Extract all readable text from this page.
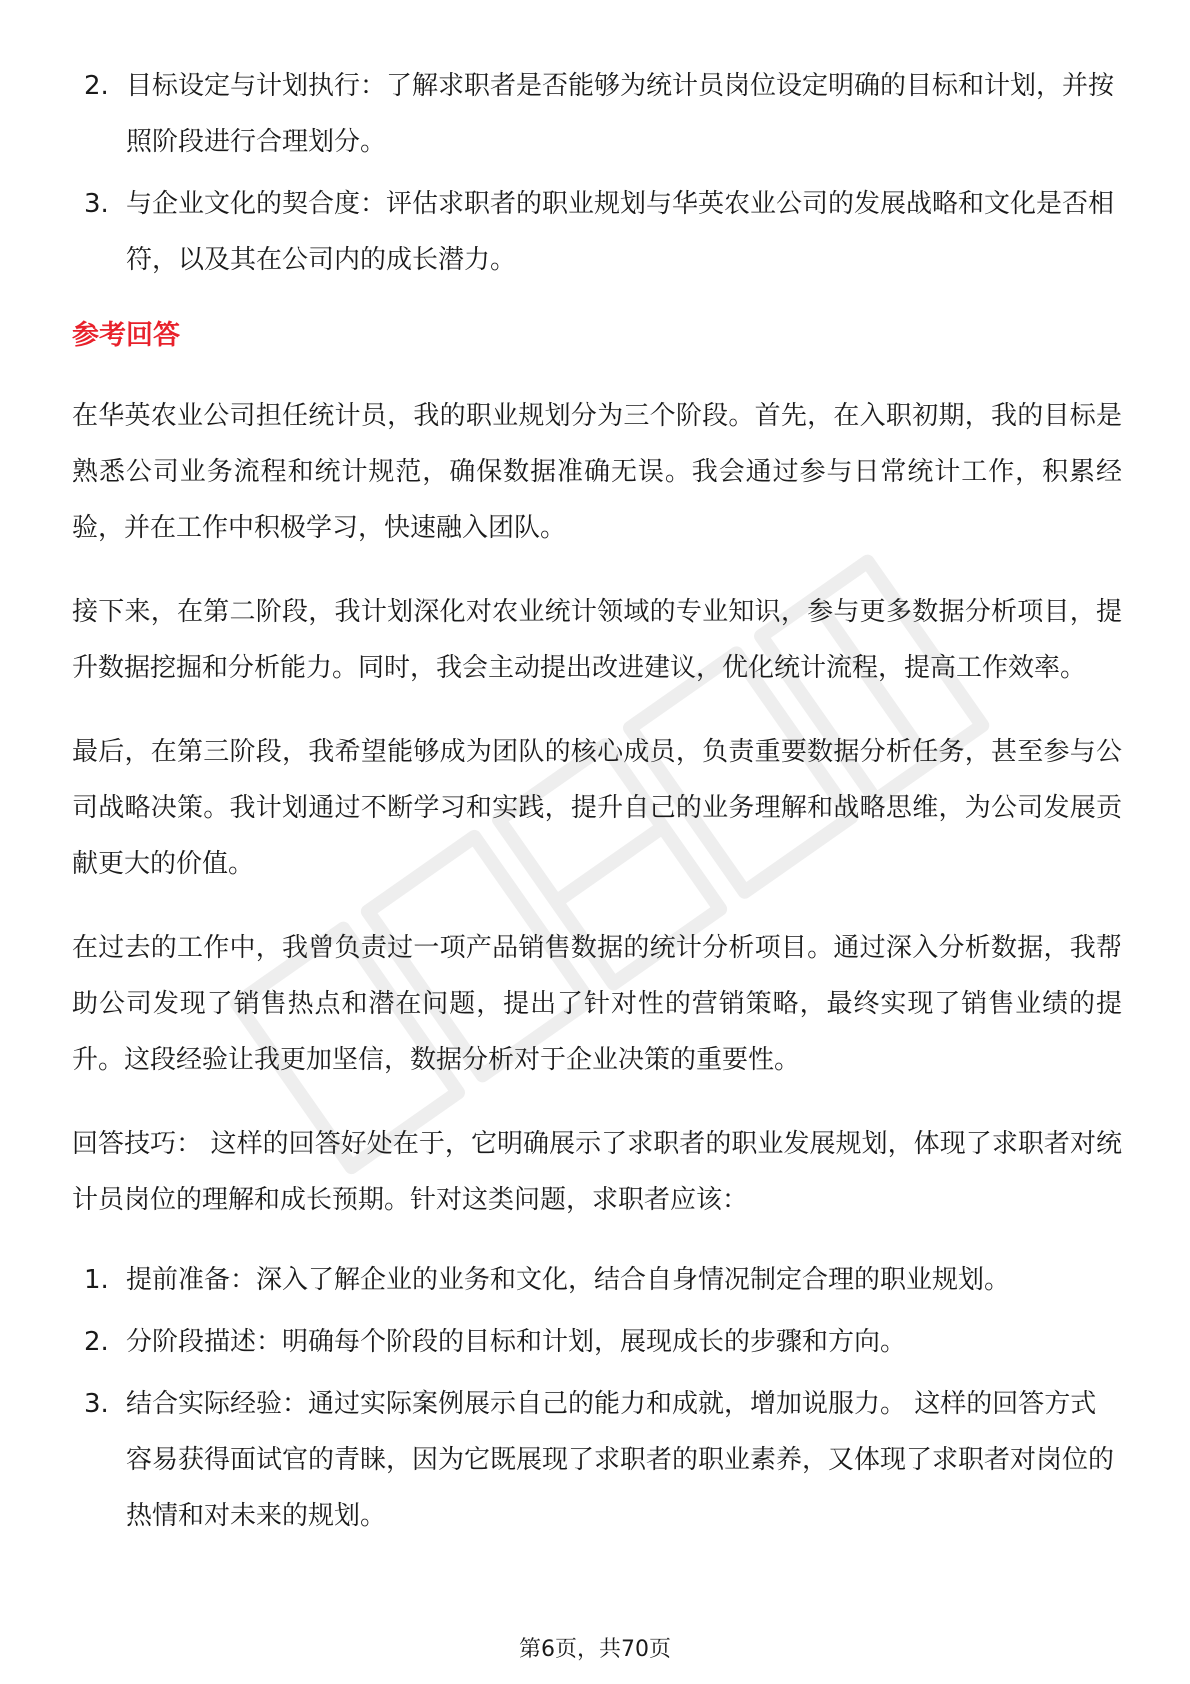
2. 目标设定与计划执行：了解求职者是否能够为统计员岗位设定明确的目标和计划，并按照阶段进行合理划分。
3. 与企业文化的契合度：评估求职者的职业规划与华英农业公司的发展战略和文化是否相符，以及其在公司内的成长潜力。
参考回答

在华英农业公司担任统计员，我的职业规划分为三个阶段。首先，在入职初期，我的目标是熟悉公司业务流程和统计规范，确保数据准确无误。我会通过参与日常统计工作，积累经验，并在工作中积极学习，快速融入团队。

接下来，在第二阶段，我计划深化对农业统计领域的专业知识，参与更多数据分析项目，提升数据挖掘和分析能力。同时，我会主动提出改进建议，优化统计流程，提高工作效率。

最后，在第三阶段，我希望能够成为团队的核心成员，负责重要数据分析任务，甚至参与公司战略决策。我计划通过不断学习和实践，提升自己的业务理解和战略思维，为公司发展贡献更大的价值。

在过去的工作中，我曾负责过一项产品销售数据的统计分析项目。通过深入分析数据，我帮助公司发现了销售热点和潜在问题，提出了针对性的营销策略，最终实现了销售业绩的提升。这段经验让我更加坚信，数据分析对于企业决策的重要性。

回答技巧： 这样的回答好处在于，它明确展示了求职者的职业发展规划，体现了求职者对统计员岗位的理解和成长预期。针对这类问题，求职者应该：

1. 提前准备：深入了解企业的业务和文化，结合自身情况制定合理的职业规划。
2. 分阶段描述：明确每个阶段的目标和计划，展现成长的步骤和方向。
3. 结合实际经验：通过实际案例展示自己的能力和成就，增加说服力。 这样的回答方式容易获得面试官的青睐，因为它既展现了求职者的职业素养，又体现了求职者对岗位的热情和对未来的规划。
第6页，共70页
